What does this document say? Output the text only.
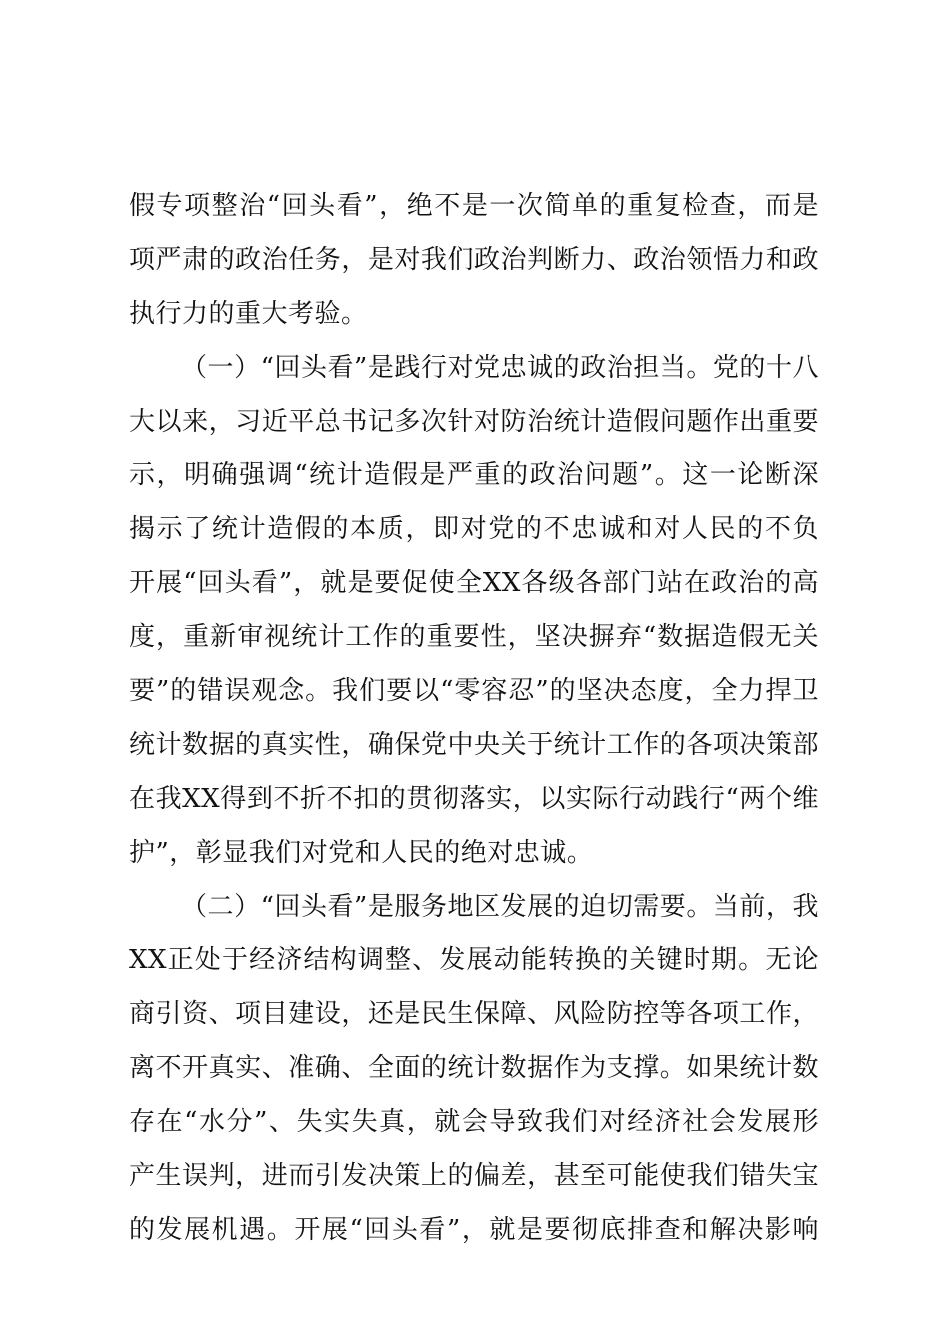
假专项整治“回头看”，绝不是一次简单的重复检查，而是
项严肃的政治任务，是对我们政治判断力、政治领悟力和政
执行力的重大考验。
（一）“回头看”是践行对党忠诚的政治担当。党的十八
大以来，习近平总书记多次针对防治统计造假问题作出重要
示，明确强调“统计造假是严重的政治问题”。这一论断深
揭示了统计造假的本质，即对党的不忠诚和对人民的不负
开展“回头看”，就是要促使全XX各级各部门站在政治的高
度，重新审视统计工作的重要性，坚决摒弃“数据造假无关
要”的错误观念。我们要以“零容忍”的坚决态度，全力捍卫
统计数据的真实性，确保党中央关于统计工作的各项决策部
在我XX得到不折不扣的贯彻落实，以实际行动践行“两个维
护”，彰显我们对党和人民的绝对忠诚。
（二）“回头看”是服务地区发展的迫切需要。当前，我
XX正处于经济结构调整、发展动能转换的关键时期。无论
商引资、项目建设，还是民生保障、风险防控等各项工作，
离不开真实、准确、全面的统计数据作为支撑。如果统计数
存在“水分”、失实失真，就会导致我们对经济社会发展形
产生误判，进而引发决策上的偏差，甚至可能使我们错失宝
的发展机遇。开展“回头看”，就是要彻底排查和解决影响
